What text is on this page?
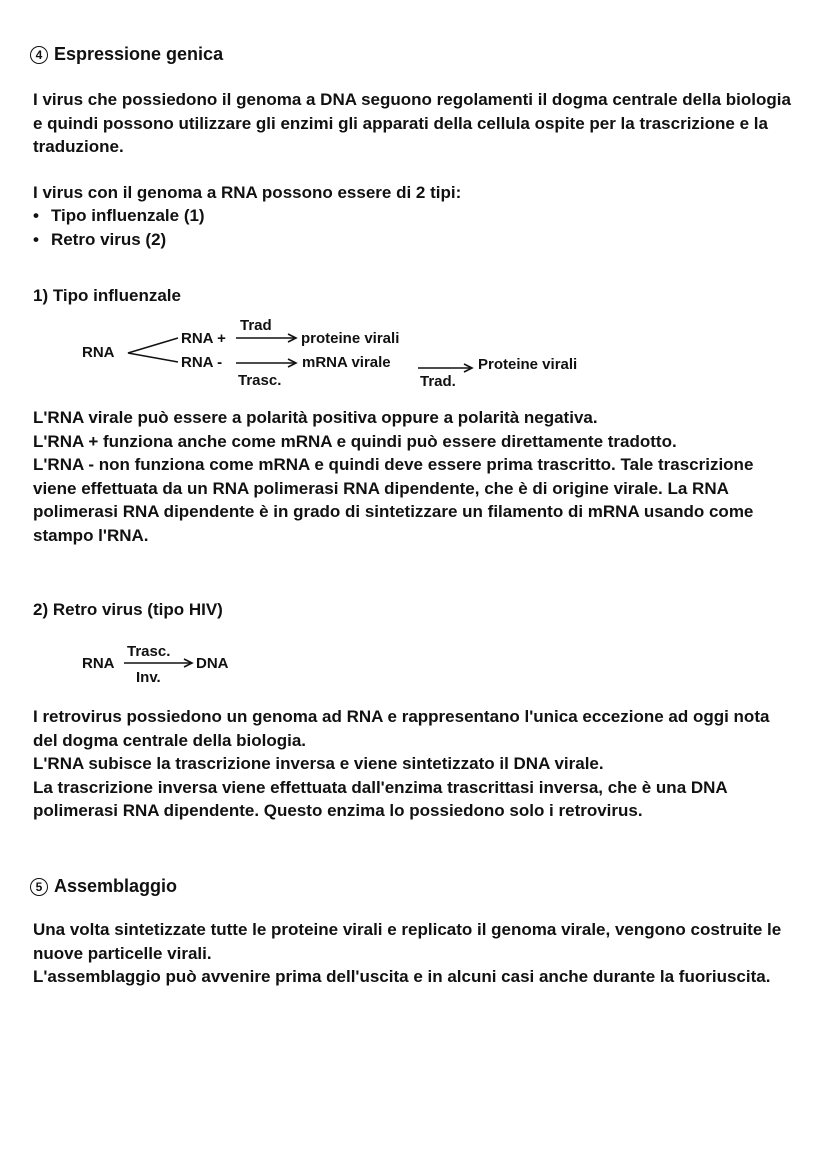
4 Espressione genica

I virus che possiedono il genoma a DNA seguono regolamenti il dogma centrale della biologia e quindi possono utilizzare gli enzimi gli apparati della cellula ospite per la trascrizione e la traduzione.

I virus con il genoma a RNA possono essere di 2 tipi:

• Tipo influenzale (1)
• Retro virus (2)
1) Tipo influenzale
RNA
RNA +
RNA -
Trad
proteine virali
Trasc.
mRNA virale
Trad.
Proteine virali

L'RNA virale può essere a polarità positiva oppure a polarità negativa.

L'RNA + funziona anche come mRNA e quindi può essere direttamente tradotto.

L'RNA - non funziona come mRNA e quindi deve essere prima trascritto. Tale trascrizione viene effettuata da un RNA polimerasi RNA dipendente, che è di origine virale. La RNA polimerasi RNA dipendente è in grado di sintetizzare un filamento di mRNA usando come stampo l'RNA.

2) Retro virus (tipo HIV)
RNA
Trasc.
Inv.
DNA

I retrovirus possiedono un genoma ad RNA e rappresentano l'unica eccezione ad oggi nota del dogma centrale della biologia.

L'RNA subisce la trascrizione inversa e viene sintetizzato il DNA virale.

La trascrizione inversa viene effettuata dall'enzima trascrittasi inversa, che è una DNA polimerasi RNA dipendente. Questo enzima lo possiedono solo i retrovirus.

5 Assemblaggio

Una volta sintetizzate tutte le proteine virali e replicato il genoma virale, vengono costruite le nuove particelle virali.

L'assemblaggio può avvenire prima dell'uscita e in alcuni casi anche durante la fuoriuscita.
